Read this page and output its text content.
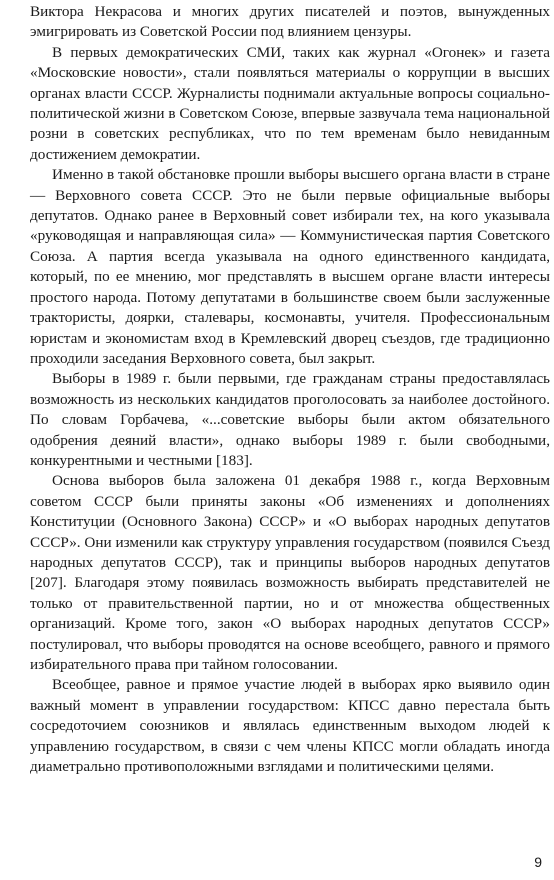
Виктора Некрасова и многих других писателей и поэтов, вынужденных эмигрировать из Советской России под влиянием цензуры.

В первых демократических СМИ, таких как журнал «Огонек» и газета «Московские новости», стали появляться материалы о коррупции в высших органах власти СССР. Журналисты поднимали актуальные вопросы социально-политической жизни в Советском Союзе, впервые зазвучала тема национальной розни в советских республиках, что по тем временам было невиданным достижением демократии.

Именно в такой обстановке прошли выборы высшего органа власти в стране — Верховного совета СССР. Это не были первые официальные выборы депутатов. Однако ранее в Верховный совет избирали тех, на кого указывала «руководящая и направляющая сила» — Коммунистическая партия Советского Союза. А партия всегда указывала на одного единственного кандидата, который, по ее мнению, мог представлять в высшем органе власти интересы простого народа. Потому депутатами в большинстве своем были заслуженные трактористы, доярки, сталевары, космонавты, учителя. Профессиональным юристам и экономистам вход в Кремлевский дворец съездов, где традиционно проходили заседания Верховного совета, был закрыт.

Выборы в 1989 г. были первыми, где гражданам страны предоставлялась возможность из нескольких кандидатов проголосовать за наиболее достойного. По словам Горбачева, «...советские выборы были актом обязательного одобрения деяний власти», однако выборы 1989 г. были свободными, конкурентными и честными [183].

Основа выборов была заложена 01 декабря 1988 г., когда Верховным советом СССР были приняты законы «Об изменениях и дополнениях Конституции (Основного Закона) СССР» и «О выборах народных депутатов СССР». Они изменили как структуру управления государством (появился Съезд народных депутатов СССР), так и принципы выборов народных депутатов [207]. Благодаря этому появилась возможность выбирать представителей не только от правительственной партии, но и от множества общественных организаций. Кроме того, закон «О выборах народных депутатов СССР» постулировал, что выборы проводятся на основе всеобщего, равного и прямого избирательного права при тайном голосовании.

Всеобщее, равное и прямое участие людей в выборах ярко выявило один важный момент в управлении государством: КПСС давно перестала быть сосредоточием союзников и являлась единственным выходом людей к управлению государством, в связи с чем члены КПСС могли обладать иногда диаметрально противоположными взглядами и политическими целями.

9
